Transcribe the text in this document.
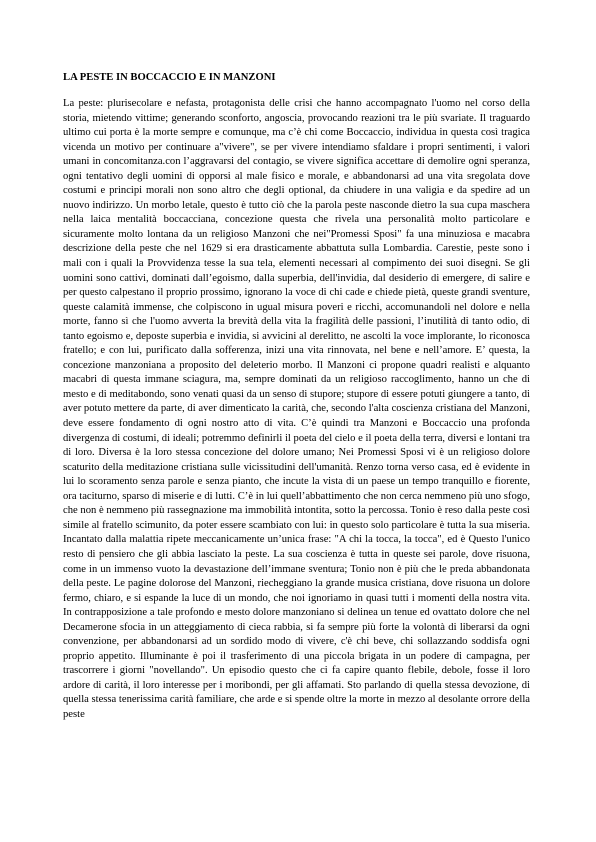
LA PESTE IN BOCCACCIO E IN MANZONI

La peste: plurisecolare e nefasta, protagonista delle crisi che hanno accompagnato l'uomo nel corso della storia, mietendo vittime; generando sconforto, angoscia, provocando reazioni tra le più svariate. Il traguardo ultimo cui porta è la morte sempre e comunque, ma c’è chi come Boccaccio, individua in questa così tragica vicenda un motivo per continuare a"vivere", se per vivere intendiamo sfaldare i propri sentimenti, i valori umani in concomitanza.con l’aggravarsi del contagio, se vivere significa accettare di demolire ogni speranza, ogni tentativo degli uomini di opporsi al male fisico e morale, e abbandonarsi ad una vita sregolata dove costumi e principi morali non sono altro che degli optional, da chiudere in una valigia e da spedire ad un nuovo indirizzo. Un morbo letale, questo è tutto ciò che la parola peste nasconde dietro la sua cupa maschera nella laica mentalità boccacciana, concezione questa che rivela una personalità molto particolare e sicuramente molto lontana da un religioso Manzoni che nei"Promessi Sposi" fa una minuziosa e macabra descrizione della peste che nel 1629 si era drasticamente abbattuta sulla Lombardia. Carestie, peste sono i mali con i quali la Provvidenza tesse la sua tela, elementi necessari al compimento dei suoi disegni. Se gli uomini sono cattivi, dominati dall’egoismo, dalla superbia, dell'invidia, dal desiderio di emergere, di salire e per questo calpestano il proprio prossimo, ignorano la voce di chi cade e chiede pietà, queste grandi sventure, queste calamità immense, che colpiscono in ugual misura poveri e ricchi, accomunandoli nel dolore e nella morte, fanno sì che l'uomo avverta la brevità della vita la fragilità delle passioni, l’inutilità di tanto odio, di tanto egoismo e, deposte superbia e invidia, si avvicini al derelitto, ne ascolti la voce implorante, lo riconosca fratello; e con lui, purificato dalla sofferenza, inizi una vita rinnovata, nel bene e nell’amore. E’ questa, la concezione manzoniana a proposito del deleterio morbo. Il Manzoni ci propone quadri realisti e alquanto macabri di questa immane sciagura, ma, sempre dominati da un religioso raccoglimento, hanno un che di mesto e di meditabondo, sono venati quasi da un senso di stupore; stupore di essere potuti giungere a tanto, di aver potuto mettere da parte, di aver dimenticato la carità, che, secondo l'alta coscienza cristiana del Manzoni, deve essere fondamento di ogni nostro atto di vita. C’è quindi tra Manzoni e Boccaccio una profonda divergenza di costumi, di ideali; potremmo definirli il poeta del cielo e il poeta della terra, diversi e lontani tra di loro. Diversa è la loro stessa concezione del dolore umano; Nei Promessi Sposi vi è un religioso dolore scaturito della meditazione cristiana sulle vicissitudini dell'umanità. Renzo torna verso casa, ed è evidente in lui lo scoramento senza parole e senza pianto, che incute la vista di un paese un tempo tranquillo e fiorente, ora taciturno, sparso di miserie e di lutti. C’è in lui quell’abbattimento che non cerca nemmeno più uno sfogo, che non è nemmeno più rassegnazione ma immobilità intontita, sotto la percossa. Tonio è reso dalla peste così simile al fratello scimunito, da poter essere scambiato con lui: in questo solo particolare è tutta la sua miseria. Incantato dalla malattia ripete meccanicamente un’unica frase: "A chi la tocca, la tocca", ed è Questo l'unico resto di pensiero che gli abbia lasciato la peste. La sua coscienza è tutta in queste sei parole, dove risuona, come in un immenso vuoto la devastazione dell’immane sventura; Tonio non è più che le preda abbandonata della peste. Le pagine dolorose del Manzoni, riecheggiano la grande musica cristiana, dove risuona un dolore fermo, chiaro, e si espande la luce di un mondo, che noi ignoriamo in quasi tutti i momenti della nostra vita. In contrapposizione a tale profondo e mesto dolore manzoniano si delinea un tenue ed ovattato dolore che nel Decamerone sfocia in un atteggiamento di cieca rabbia, si fa sempre più forte la volontà di liberarsi da ogni convenzione, per abbandonarsi ad un sordido modo di vivere, c'è chi beve, chi sollazzando soddisfa ogni proprio appetito. Illuminante è poi il trasferimento di una piccola brigata in un podere di campagna, per trascorrere i giorni "novellando". Un episodio questo che ci fa capire quanto flebile, debole, fosse il loro ardore di carità, il loro interesse per i moribondi, per gli affamati. Sto parlando di quella stessa devozione, di quella stessa tenerissima carità familiare, che arde e si spende oltre la morte in mezzo al desolante orrore della peste
